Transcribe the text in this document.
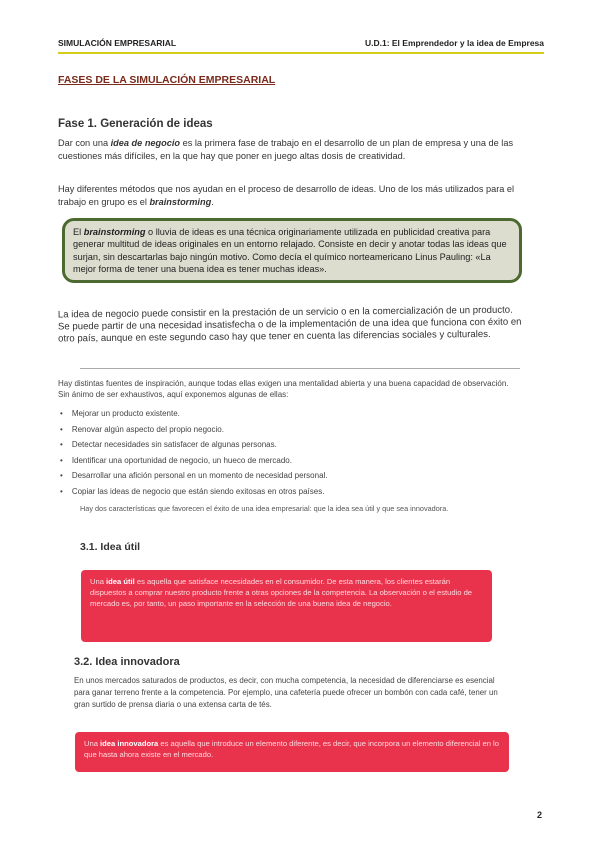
SIMULACIÓN EMPRESARIAL	U.D.1: El Emprendedor y la idea de Empresa
FASES DE LA SIMULACIÓN EMPRESARIAL
Fase 1. Generación de ideas
Dar con una idea de negocio es la primera fase de trabajo en el desarrollo de un plan de empresa y una de las cuestiones más difíciles, en la que hay que poner en juego altas dosis de creatividad.
Hay diferentes métodos que nos ayudan en el proceso de desarrollo de ideas. Uno de los más utilizados para el trabajo en grupo es el brainstorming.
El brainstorming o lluvia de ideas es una técnica originariamente utilizada en publicidad creativa para generar multitud de ideas originales en un entorno relajado. Consiste en decir y anotar todas las ideas que surjan, sin descartarlas bajo ningún motivo. Como decía el químico norteamericano Linus Pauling: «La mejor forma de tener una buena idea es tener muchas ideas».
La idea de negocio puede consistir en la prestación de un servicio o en la comercialización de un producto. Se puede partir de una necesidad insatisfecha o de la implementación de una idea que funciona con éxito en otro país, aunque en este segundo caso hay que tener en cuenta las diferencias sociales y culturales.
Hay distintas fuentes de inspiración, aunque todas ellas exigen una mentalidad abierta y una buena capacidad de observación. Sin ánimo de ser exhaustivos, aquí exponemos algunas de ellas:
• Mejorar un producto existente.
• Renovar algún aspecto del propio negocio.
• Detectar necesidades sin satisfacer de algunas personas.
• Identificar una oportunidad de negocio, un hueco de mercado.
• Desarrollar una afición personal en un momento de necesidad personal.
• Copiar las ideas de negocio que están siendo exitosas en otros países.
Hay dos características que favorecen el éxito de una idea empresarial: que la idea sea útil y que sea innovadora.
3.1. Idea útil
Una idea útil es aquella que satisface necesidades en el consumidor. De esta manera, los clientes estarán dispuestos a comprar nuestro producto frente a otras opciones de la competencia. La observación o el estudio de mercado es, por tanto, un paso importante en la selección de una buena idea de negocio.
3.2. Idea innovadora
En unos mercados saturados de productos, es decir, con mucha competencia, la necesidad de diferenciarse es esencial para ganar terreno frente a la competencia. Por ejemplo, una cafetería puede ofrecer un bombón con cada café, tener un gran surtido de prensa diaria o una extensa carta de tés.
Una idea innovadora es aquella que introduce un elemento diferente, es decir, que incorpora un elemento diferencial en lo que hasta ahora existe en el mercado.
2
